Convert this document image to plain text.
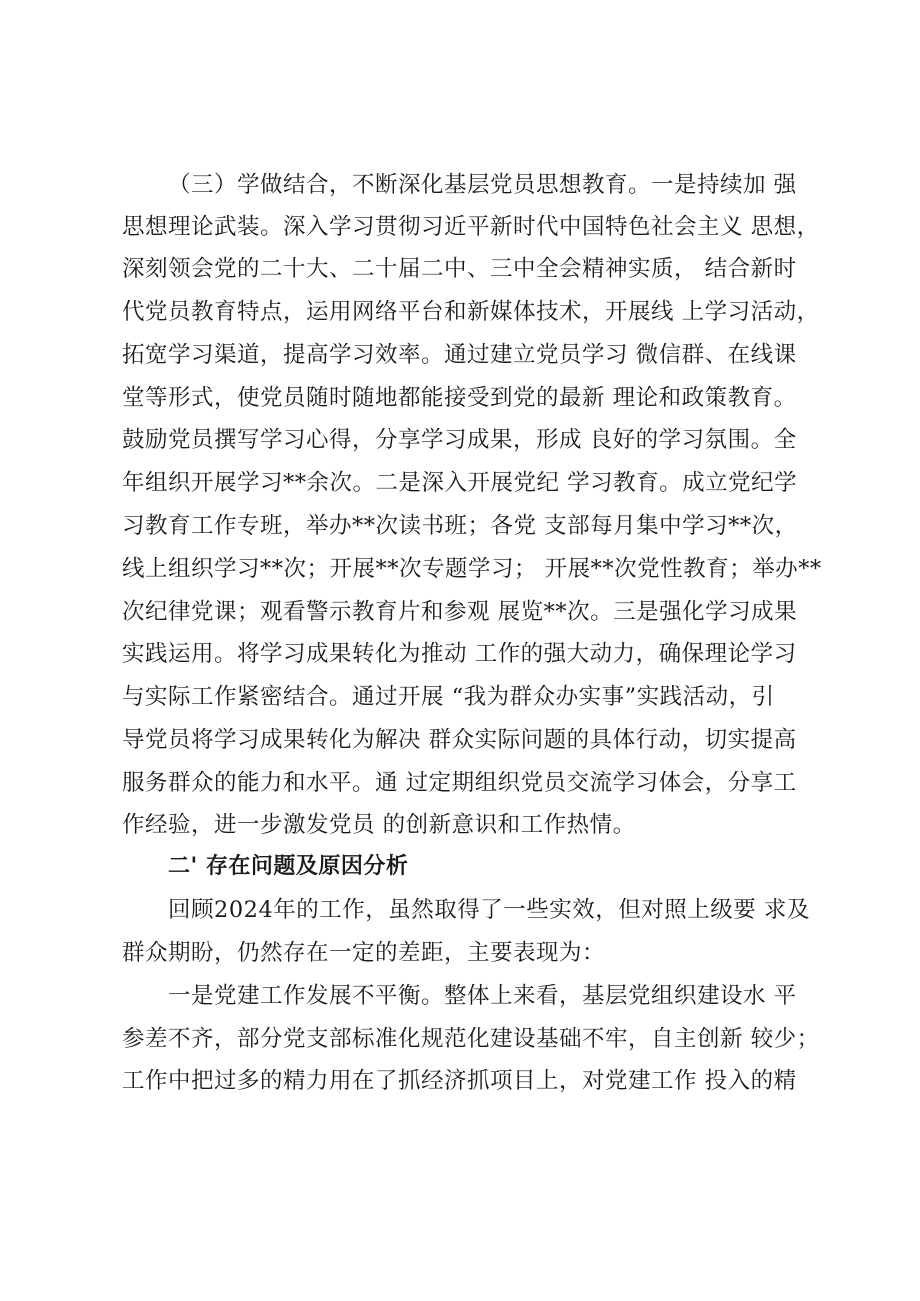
（三）学做结合，不断深化基层党员思想教育。一是持续加 强
思想理论武装。深入学习贯彻习近平新时代中国特色社会主义 思想，
深刻领会党的二十大、二十届二中、三中全会精神实质， 结合新时
代党员教育特点，运用网络平台和新媒体技术，开展线 上学习活动，
拓宽学习渠道，提高学习效率。通过建立党员学习 微信群、在线课
堂等形式，使党员随时随地都能接受到党的最新 理论和政策教育。
鼓励党员撰写学习心得，分享学习成果，形成 良好的学习氛围。全
年组织开展学习**余次。二是深入开展党纪 学习教育。成立党纪学
习教育工作专班，举办**次读书班；各党 支部每月集中学习**次，
线上组织学习**次；开展**次专题学习； 开展**次党性教育；举办**
次纪律党课；观看警示教育片和参观 展览**次。三是强化学习成果
实践运用。将学习成果转化为推动 工作的强大动力，确保理论学习
与实际工作紧密结合。通过开展 “我为群众办实事”实践活动，引
导党员将学习成果转化为解决 群众实际问题的具体行动，切实提高
服务群众的能力和水平。通 过定期组织党员交流学习体会，分享工
作经验，进一步激发党员 的创新意识和工作热情。
二' 存在问题及原因分析
回顾2024年的工作，虽然取得了一些实效，但对照上级要 求及
群众期盼，仍然存在一定的差距，主要表现为：
一是党建工作发展不平衡。整体上来看，基层党组织建设水 平
参差不齐，部分党支部标准化规范化建设基础不牢，自主创新 较少；
工作中把过多的精力用在了抓经济抓项目上，对党建工作 投入的精
